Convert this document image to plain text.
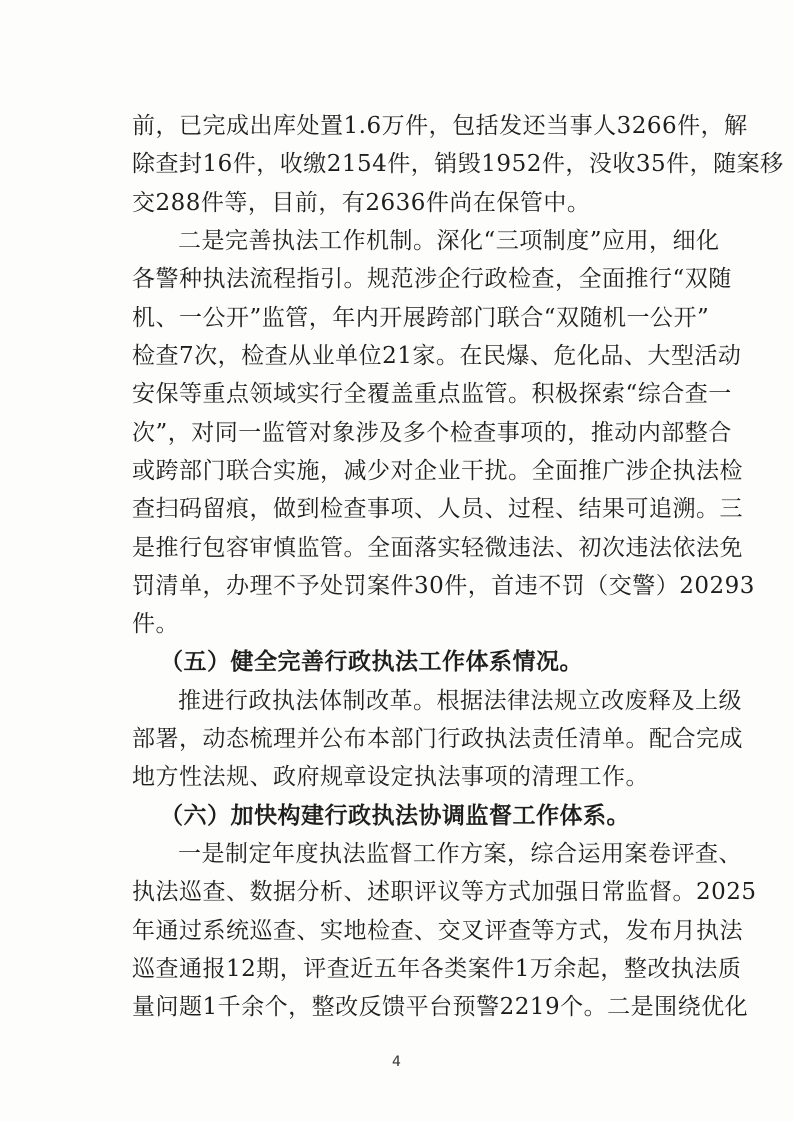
前，已完成出库处置1.6万件，包括发还当事人3266件，解
除查封16件，收缴2154件，销毁1952件，没收35件，随案移
交288件等，目前，有2636件尚在保管中。
二是完善执法工作机制。深化“三项制度”应用，细化
各警种执法流程指引。规范涉企行政检查，全面推行“双随
机、一公开”监管，年内开展跨部门联合“双随机一公开”
检查7次，检查从业单位21家。在民爆、危化品、大型活动
安保等重点领域实行全覆盖重点监管。积极探索“综合查一
次”，对同一监管对象涉及多个检查事项的，推动内部整合
或跨部门联合实施，减少对企业干扰。全面推广涉企执法检
查扫码留痕，做到检查事项、人员、过程、结果可追溯。三
是推行包容审慎监管。全面落实轻微违法、初次违法依法免
罚清单，办理不予处罚案件30件，首违不罚（交警）20293
件。
（五）健全完善行政执法工作体系情况。
推进行政执法体制改革。根据法律法规立改废释及上级
部署，动态梳理并公布本部门行政执法责任清单。配合完成
地方性法规、政府规章设定执法事项的清理工作。
（六）加快构建行政执法协调监督工作体系。
一是制定年度执法监督工作方案，综合运用案卷评查、
执法巡查、数据分析、述职评议等方式加强日常监督。2025
年通过系统巡查、实地检查、交叉评查等方式，发布月执法
巡查通报12期，评查近五年各类案件1万余起，整改执法质
量问题1千余个，整改反馈平台预警2219个。二是围绕优化
4
